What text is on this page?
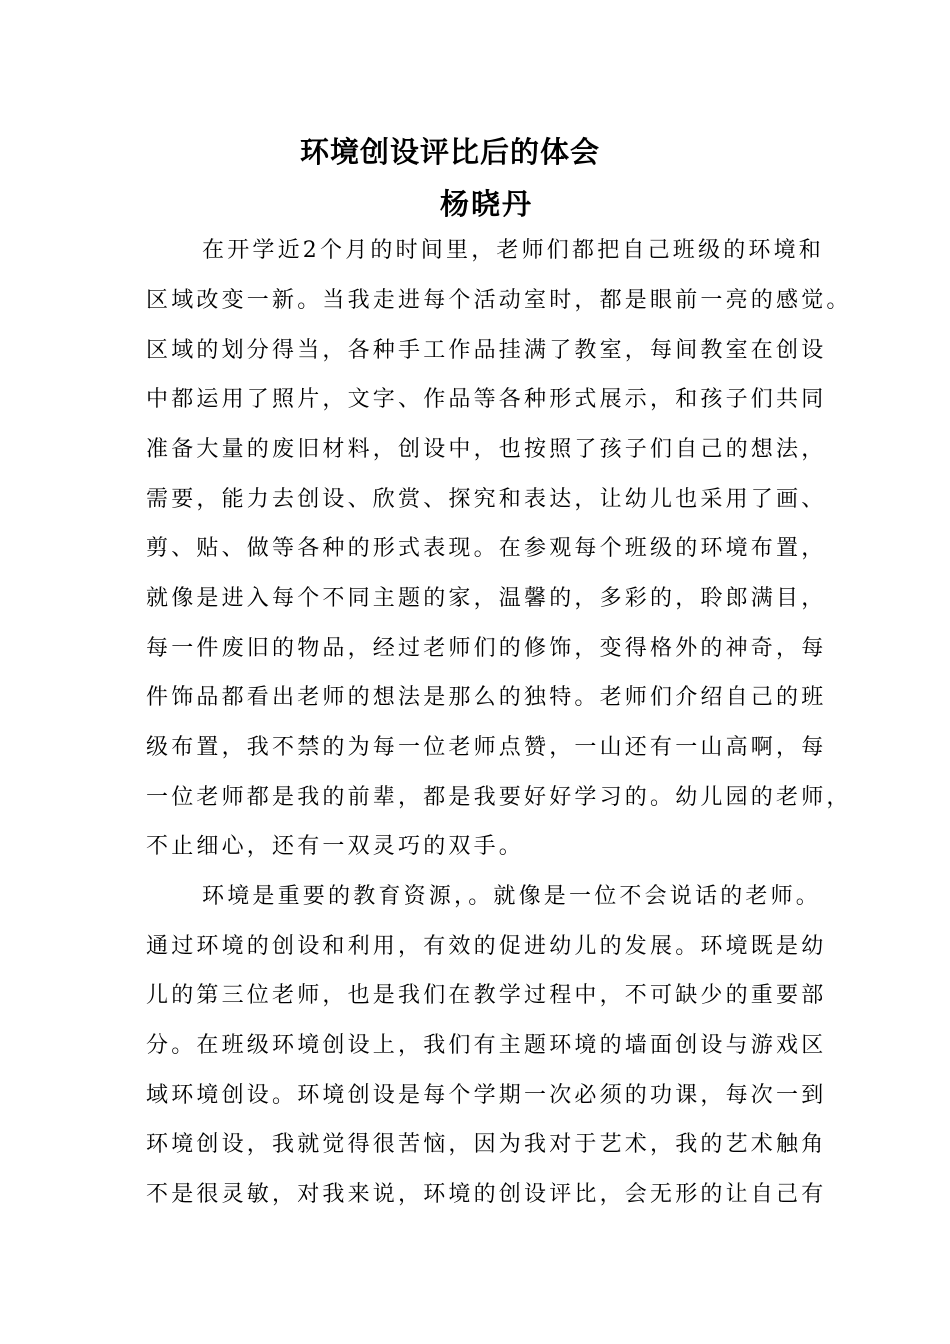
环境创设评比后的体会
杨晓丹
在开学近2个月的时间里，老师们都把自己班级的环境和
区域改变一新。当我走进每个活动室时，都是眼前一亮的感觉。
区域的划分得当，各种手工作品挂满了教室，每间教室在创设
中都运用了照片，文字、作品等各种形式展示，和孩子们共同
准备大量的废旧材料，创设中，也按照了孩子们自己的想法，
需要，能力去创设、欣赏、探究和表达，让幼儿也采用了画、
剪、贴、做等各种的形式表现。在参观每个班级的环境布置，
就像是进入每个不同主题的家，温馨的，多彩的，聆郎满目，
每一件废旧的物品，经过老师们的修饰，变得格外的神奇，每
件饰品都看出老师的想法是那么的独特。老师们介绍自己的班
级布置，我不禁的为每一位老师点赞，一山还有一山高啊，每
一位老师都是我的前辈，都是我要好好学习的。幼儿园的老师，
不止细心，还有一双灵巧的双手。
环境是重要的教育资源，。就像是一位不会说话的老师。
通过环境的创设和利用，有效的促进幼儿的发展。环境既是幼
儿的第三位老师，也是我们在教学过程中，不可缺少的重要部
分。在班级环境创设上，我们有主题环境的墙面创设与游戏区
域环境创设。环境创设是每个学期一次必须的功课，每次一到
环境创设，我就觉得很苦恼，因为我对于艺术，我的艺术触角
不是很灵敏，对我来说，环境的创设评比，会无形的让自己有
